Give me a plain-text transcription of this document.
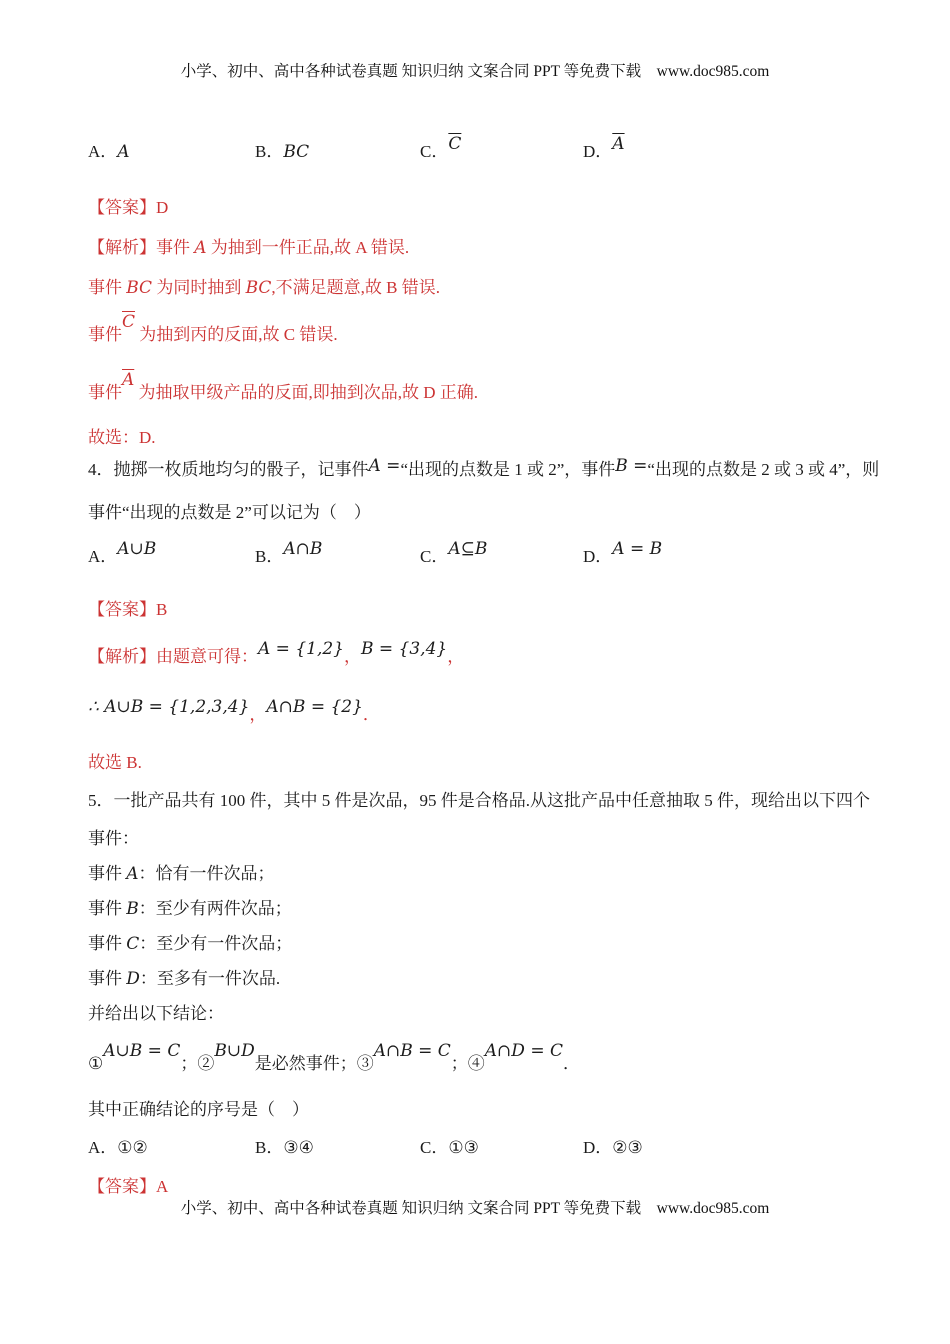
小学、初中、高中各种试卷真题 知识归纳 文案合同 PPT 等免费下载　www.doc985.com
A．A	B．BC	C．$\overline{C}$	D．$\overline{A}$
【答案】D
【解析】事件 A 为抽到一件正品,故 A 错误.
事件 BC 为同时抽到 BC,不满足题意,故 B 错误.
事件$\overline{C}$ 为抽到丙的反面,故 C 错误.
事件$\overline{A}$ 为抽取甲级产品的反面,即抽到次品,故 D 正确.
故选：D.
4．抛掷一枚质地均匀的骰子，记事件A =“出现的点数是 1 或 2”，事件B =“出现的点数是 2 或 3 或 4”，则
事件“出现的点数是 2”可以记为（　）
A．A∪B	B．A∩B	C．A⊆B	D．A = B
【答案】B
【解析】由题意可得：A = {1,2}，B = {3,4}，
∴ A∪B = {1,2,3,4}，A∩B = {2}．
故选 B.
5．一批产品共有 100 件，其中 5 件是次品，95 件是合格品.从这批产品中任意抽取 5 件，现给出以下四个
事件：
事件 A：恰有一件次品；
事件 B：至少有两件次品；
事件 C：至少有一件次品；
事件 D：至多有一件次品.
并给出以下结论：
①A∪B = C；②B∪D是必然事件；③A∩B = C；④A∩D = C．
其中正确结论的序号是（　）
A．①②	B．③④	C．①③	D．②③
【答案】A
小学、初中、高中各种试卷真题 知识归纳 文案合同 PPT 等免费下载　www.doc985.com
